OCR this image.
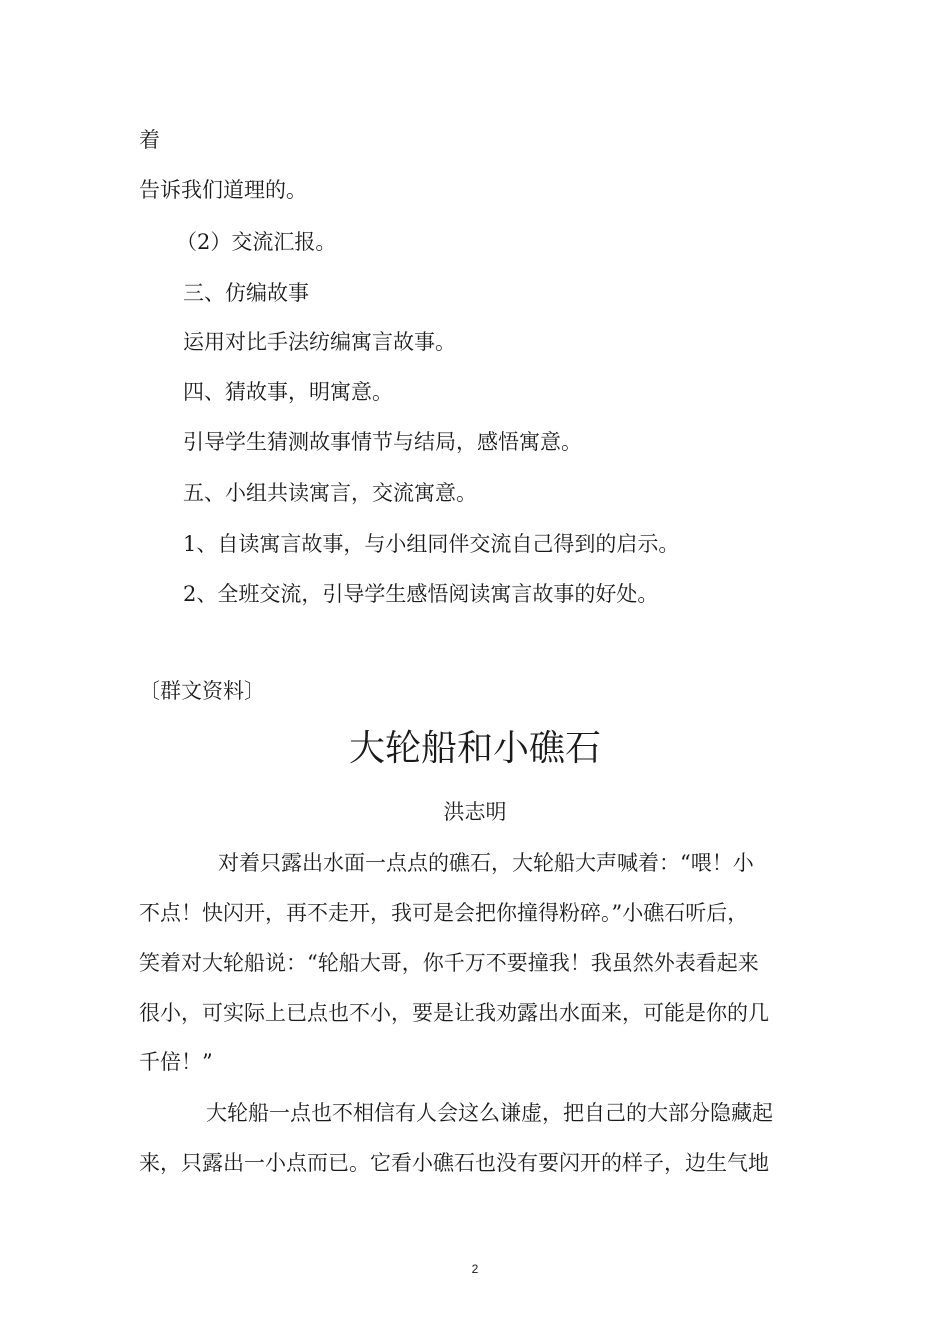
着
告诉我们道理的。
（2）交流汇报。
三、仿编故事
运用对比手法纺编寓言故事。
四、猜故事，明寓意。
引导学生猜测故事情节与结局，感悟寓意。
五、小组共读寓言，交流寓意。
1、自读寓言故事，与小组同伴交流自己得到的启示。
2、全班交流，引导学生感悟阅读寓言故事的好处。
〔群文资料〕
大轮船和小礁石
洪志明
对着只露出水面一点点的礁石，大轮船大声喊着：“喂！小
不点！快闪开，再不走开，我可是会把你撞得粉碎。”小礁石听后，
笑着对大轮船说：“轮船大哥，你千万不要撞我！我虽然外表看起来
很小，可实际上已点也不小，要是让我劝露出水面来，可能是你的几
千倍！”
大轮船一点也不相信有人会这么谦虚，把自己的大部分隐藏起
来，只露出一小点而已。它看小礁石也没有要闪开的样子，边生气地
2
